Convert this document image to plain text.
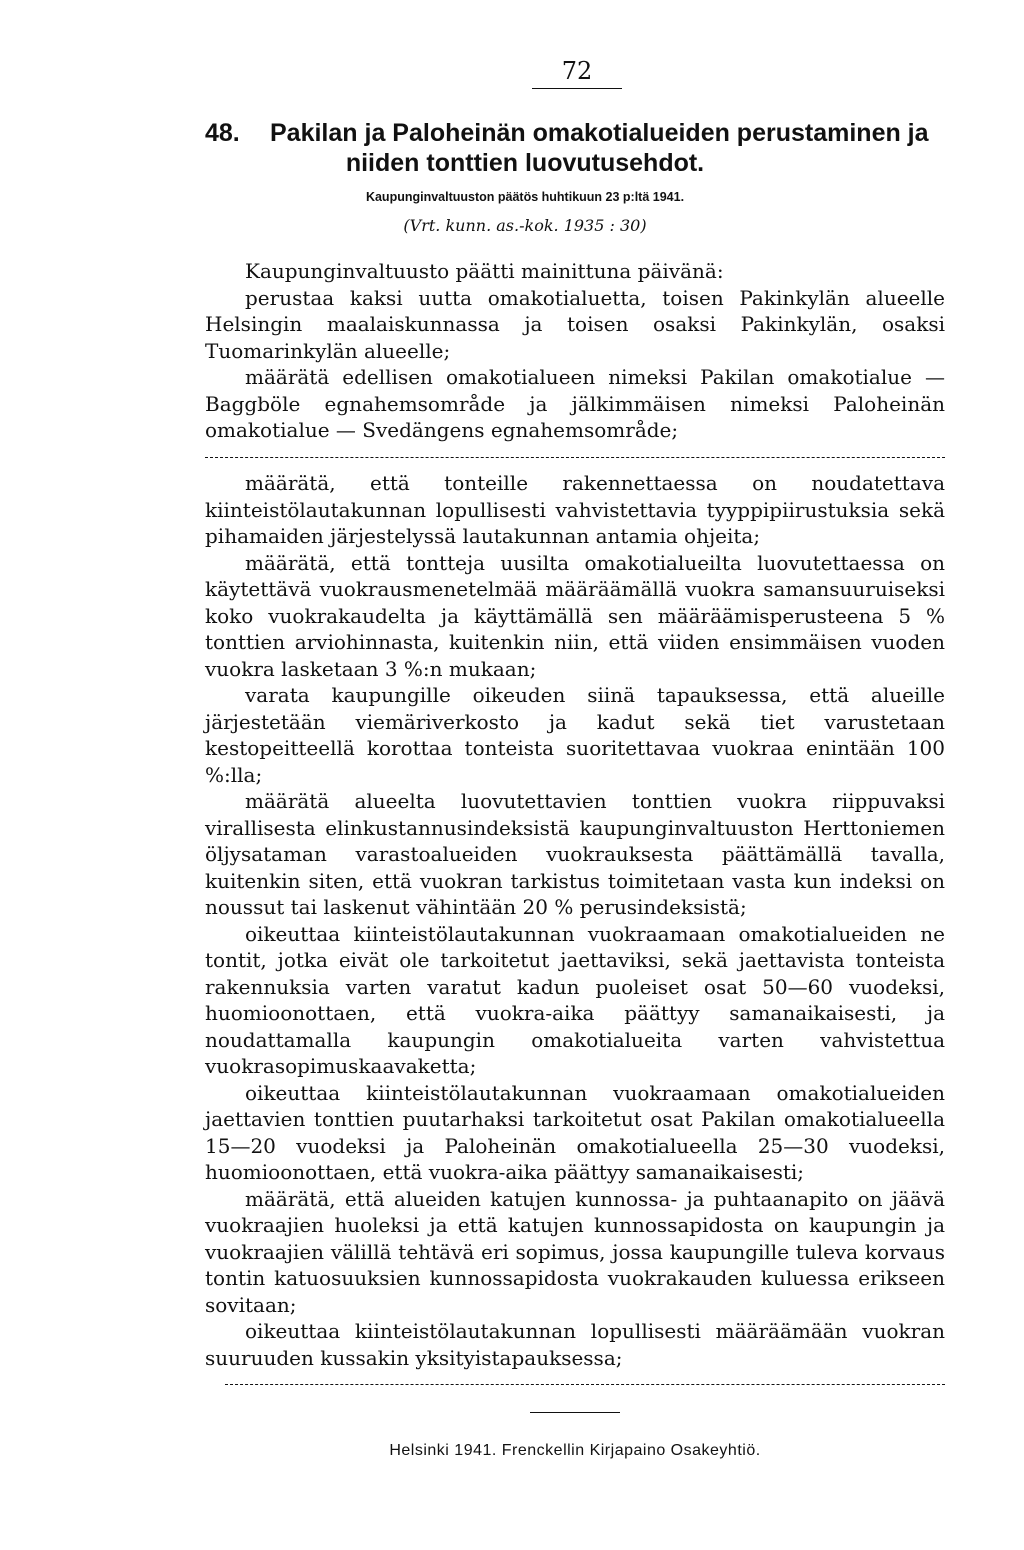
72
48. Pakilan ja Paloheinän omakotialueiden perustaminen ja
niiden tonttien luovutusehdot.
Kaupunginvaltuuston päätös huhtikuun 23 p:ltä 1941.
(Vrt. kunn. as.-kok. 1935 : 30)

Kaupunginvaltuusto päätti mainittuna päivänä:

perustaa kaksi uutta omakotialuetta, toisen Pakinkylän alueelle Helsingin maalaiskunnassa ja toisen osaksi Pakinkylän, osaksi Tuomarinkylän alueelle;

määrätä edellisen omakotialueen nimeksi Pakilan omakotialue — Baggböle egnahemsområde ja jälkimmäisen nimeksi Paloheinän omakotialue — Svedängens egnahemsområde;

määrätä, että tonteille rakennettaessa on noudatettava kiinteistölautakunnan lopullisesti vahvistettavia tyyppipiirustuksia sekä pihamaiden järjestelyssä lautakunnan antamia ohjeita;

määrätä, että tontteja uusilta omakotialueilta luovutettaessa on käytettävä vuokrausmenetelmää määräämällä vuokra samansuuruiseksi koko vuokrakaudelta ja käyttämällä sen määräämisperusteena 5 % tonttien arviohinnasta, kuitenkin niin, että viiden ensimmäisen vuoden vuokra lasketaan 3 %:n mukaan;

varata kaupungille oikeuden siinä tapauksessa, että alueille järjestetään viemäriverkosto ja kadut sekä tiet varustetaan kestopeitteellä korottaa tonteista suoritettavaa vuokraa enintään 100 %:lla;

määrätä alueelta luovutettavien tonttien vuokra riippuvaksi virallisesta elinkustannusindeksistä kaupunginvaltuuston Herttoniemen öljysataman varastoalueiden vuokrauksesta päättämällä tavalla, kuitenkin siten, että vuokran tarkistus toimitetaan vasta kun indeksi on noussut tai laskenut vähintään 20 % perusindeksistä;

oikeuttaa kiinteistölautakunnan vuokraamaan omakotialueiden ne tontit, jotka eivät ole tarkoitetut jaettaviksi, sekä jaettavista tonteista rakennuksia varten varatut kadun puoleiset osat 50—60 vuodeksi, huomioonottaen, että vuokra-aika päättyy samanaikaisesti, ja noudattamalla kaupungin omakotialueita varten vahvistettua vuokrasopimuskaavaketta;

oikeuttaa kiinteistölautakunnan vuokraamaan omakotialueiden jaettavien tonttien puutarhaksi tarkoitetut osat Pakilan omakotialueella 15—20 vuodeksi ja Paloheinän omakotialueella 25—30 vuodeksi, huomioonottaen, että vuokra-aika päättyy samanaikaisesti;

määrätä, että alueiden katujen kunnossa- ja puhtaanapito on jäävä vuokraajien huoleksi ja että katujen kunnossapidosta on kaupungin ja vuokraajien välillä tehtävä eri sopimus, jossa kaupungille tuleva korvaus tontin katuosuuksien kunnossapidosta vuokrakauden kuluessa erikseen sovitaan;

oikeuttaa kiinteistölautakunnan lopullisesti määräämään vuokran suuruuden kussakin yksityistapauksessa;

Helsinki 1941. Frenckellin Kirjapaino Osakeyhtiö.
